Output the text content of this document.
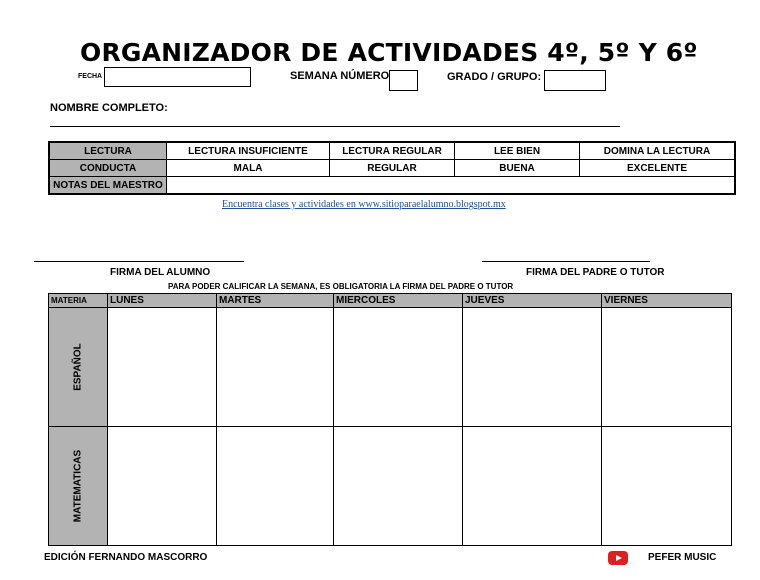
ORGANIZADOR DE ACTIVIDADES 4º, 5º Y 6º
FECHA	SEMANA NÚMERO	GRADO / GRUPO:
NOMBRE COMPLETO:
LECTURA	LECTURA INSUFICIENTE	LECTURA REGULAR	LEE BIEN	DOMINA LA LECTURA
CONDUCTA	MALA	REGULAR	BUENA	EXCELENTE
NOTAS DEL MAESTRO				
Encuentra clases y actividades en www.sitioparaelalumno.blogspot.mx
FIRMA DEL ALUMNO	FIRMA DEL PADRE O TUTOR
PARA PODER CALIFICAR LA SEMANA, ES OBLIGATORIA LA FIRMA DEL PADRE O TUTOR
MATERIA	LUNES	MARTES	MIERCOLES	JUEVES	VIERNES

ESPAÑOL					

MATEMATICAS					

EDICIÓN FERNANDO MASCORRO	PEFER MUSIC
